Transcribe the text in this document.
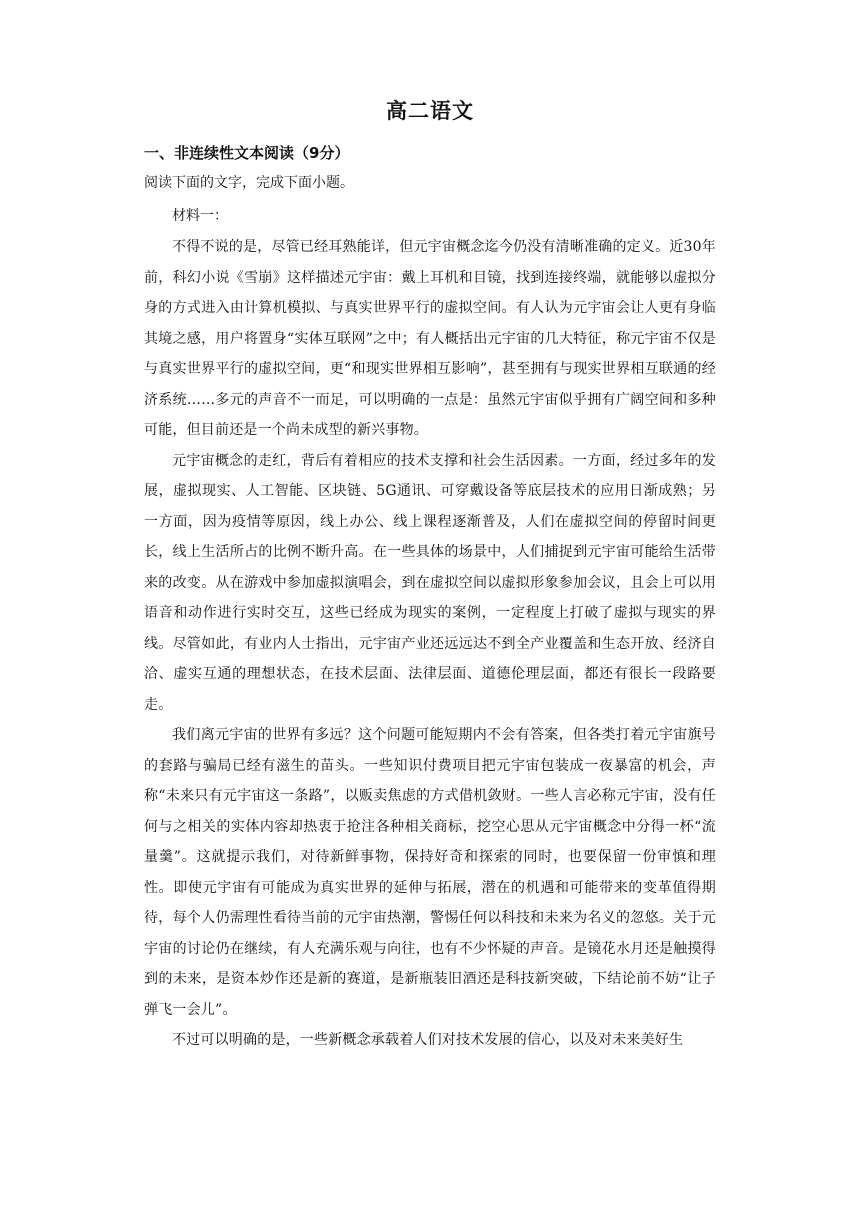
高二语文
一、非连续性文本阅读（9分）

阅读下面的文字，完成下面小题。

材料一：

不得不说的是，尽管已经耳熟能详，但元宇宙概念迄今仍没有清晰准确的定义。近30年前，科幻小说《雪崩》这样描述元宇宙：戴上耳机和目镜，找到连接终端，就能够以虚拟分身的方式进入由计算机模拟、与真实世界平行的虚拟空间。有人认为元宇宙会让人更有身临其境之感，用户将置身“实体互联网”之中；有人概括出元宇宙的几大特征，称元宇宙不仅是与真实世界平行的虚拟空间，更“和现实世界相互影响”，甚至拥有与现实世界相互联通的经济系统……多元的声音不一而足，可以明确的一点是：虽然元宇宙似乎拥有广阔空间和多种可能，但目前还是一个尚未成型的新兴事物。

元宇宙概念的走红，背后有着相应的技术支撑和社会生活因素。一方面，经过多年的发展，虚拟现实、人工智能、区块链、5G通讯、可穿戴设备等底层技术的应用日渐成熟；另一方面，因为疫情等原因，线上办公、线上课程逐渐普及，人们在虚拟空间的停留时间更长，线上生活所占的比例不断升高。在一些具体的场景中，人们捕捉到元宇宙可能给生活带来的改变。从在游戏中参加虚拟演唱会，到在虚拟空间以虚拟形象参加会议，且会上可以用语音和动作进行实时交互，这些已经成为现实的案例，一定程度上打破了虚拟与现实的界线。尽管如此，有业内人士指出，元宇宙产业还远远达不到全产业覆盖和生态开放、经济自洽、虚实互通的理想状态，在技术层面、法律层面、道德伦理层面，都还有很长一段路要走。

我们离元宇宙的世界有多远？这个问题可能短期内不会有答案，但各类打着元宇宙旗号的套路与骗局已经有滋生的苗头。一些知识付费项目把元宇宙包装成一夜暴富的机会，声称“未来只有元宇宙这一条路”，以贩卖焦虑的方式借机敛财。一些人言必称元宇宙，没有任何与之相关的实体内容却热衷于抢注各种相关商标，挖空心思从元宇宙概念中分得一杯“流量羹”。这就提示我们，对待新鲜事物，保持好奇和探索的同时，也要保留一份审慎和理性。即使元宇宙有可能成为真实世界的延伸与拓展，潜在的机遇和可能带来的变革值得期待，每个人仍需理性看待当前的元宇宙热潮，警惕任何以科技和未来为名义的忽悠。关于元宇宙的讨论仍在继续，有人充满乐观与向往，也有不少怀疑的声音。是镜花水月还是触摸得到的未来，是资本炒作还是新的赛道，是新瓶装旧酒还是科技新突破，下结论前不妨“让子弹飞一会儿”。

不过可以明确的是，一些新概念承载着人们对技术发展的信心，以及对未来美好生
